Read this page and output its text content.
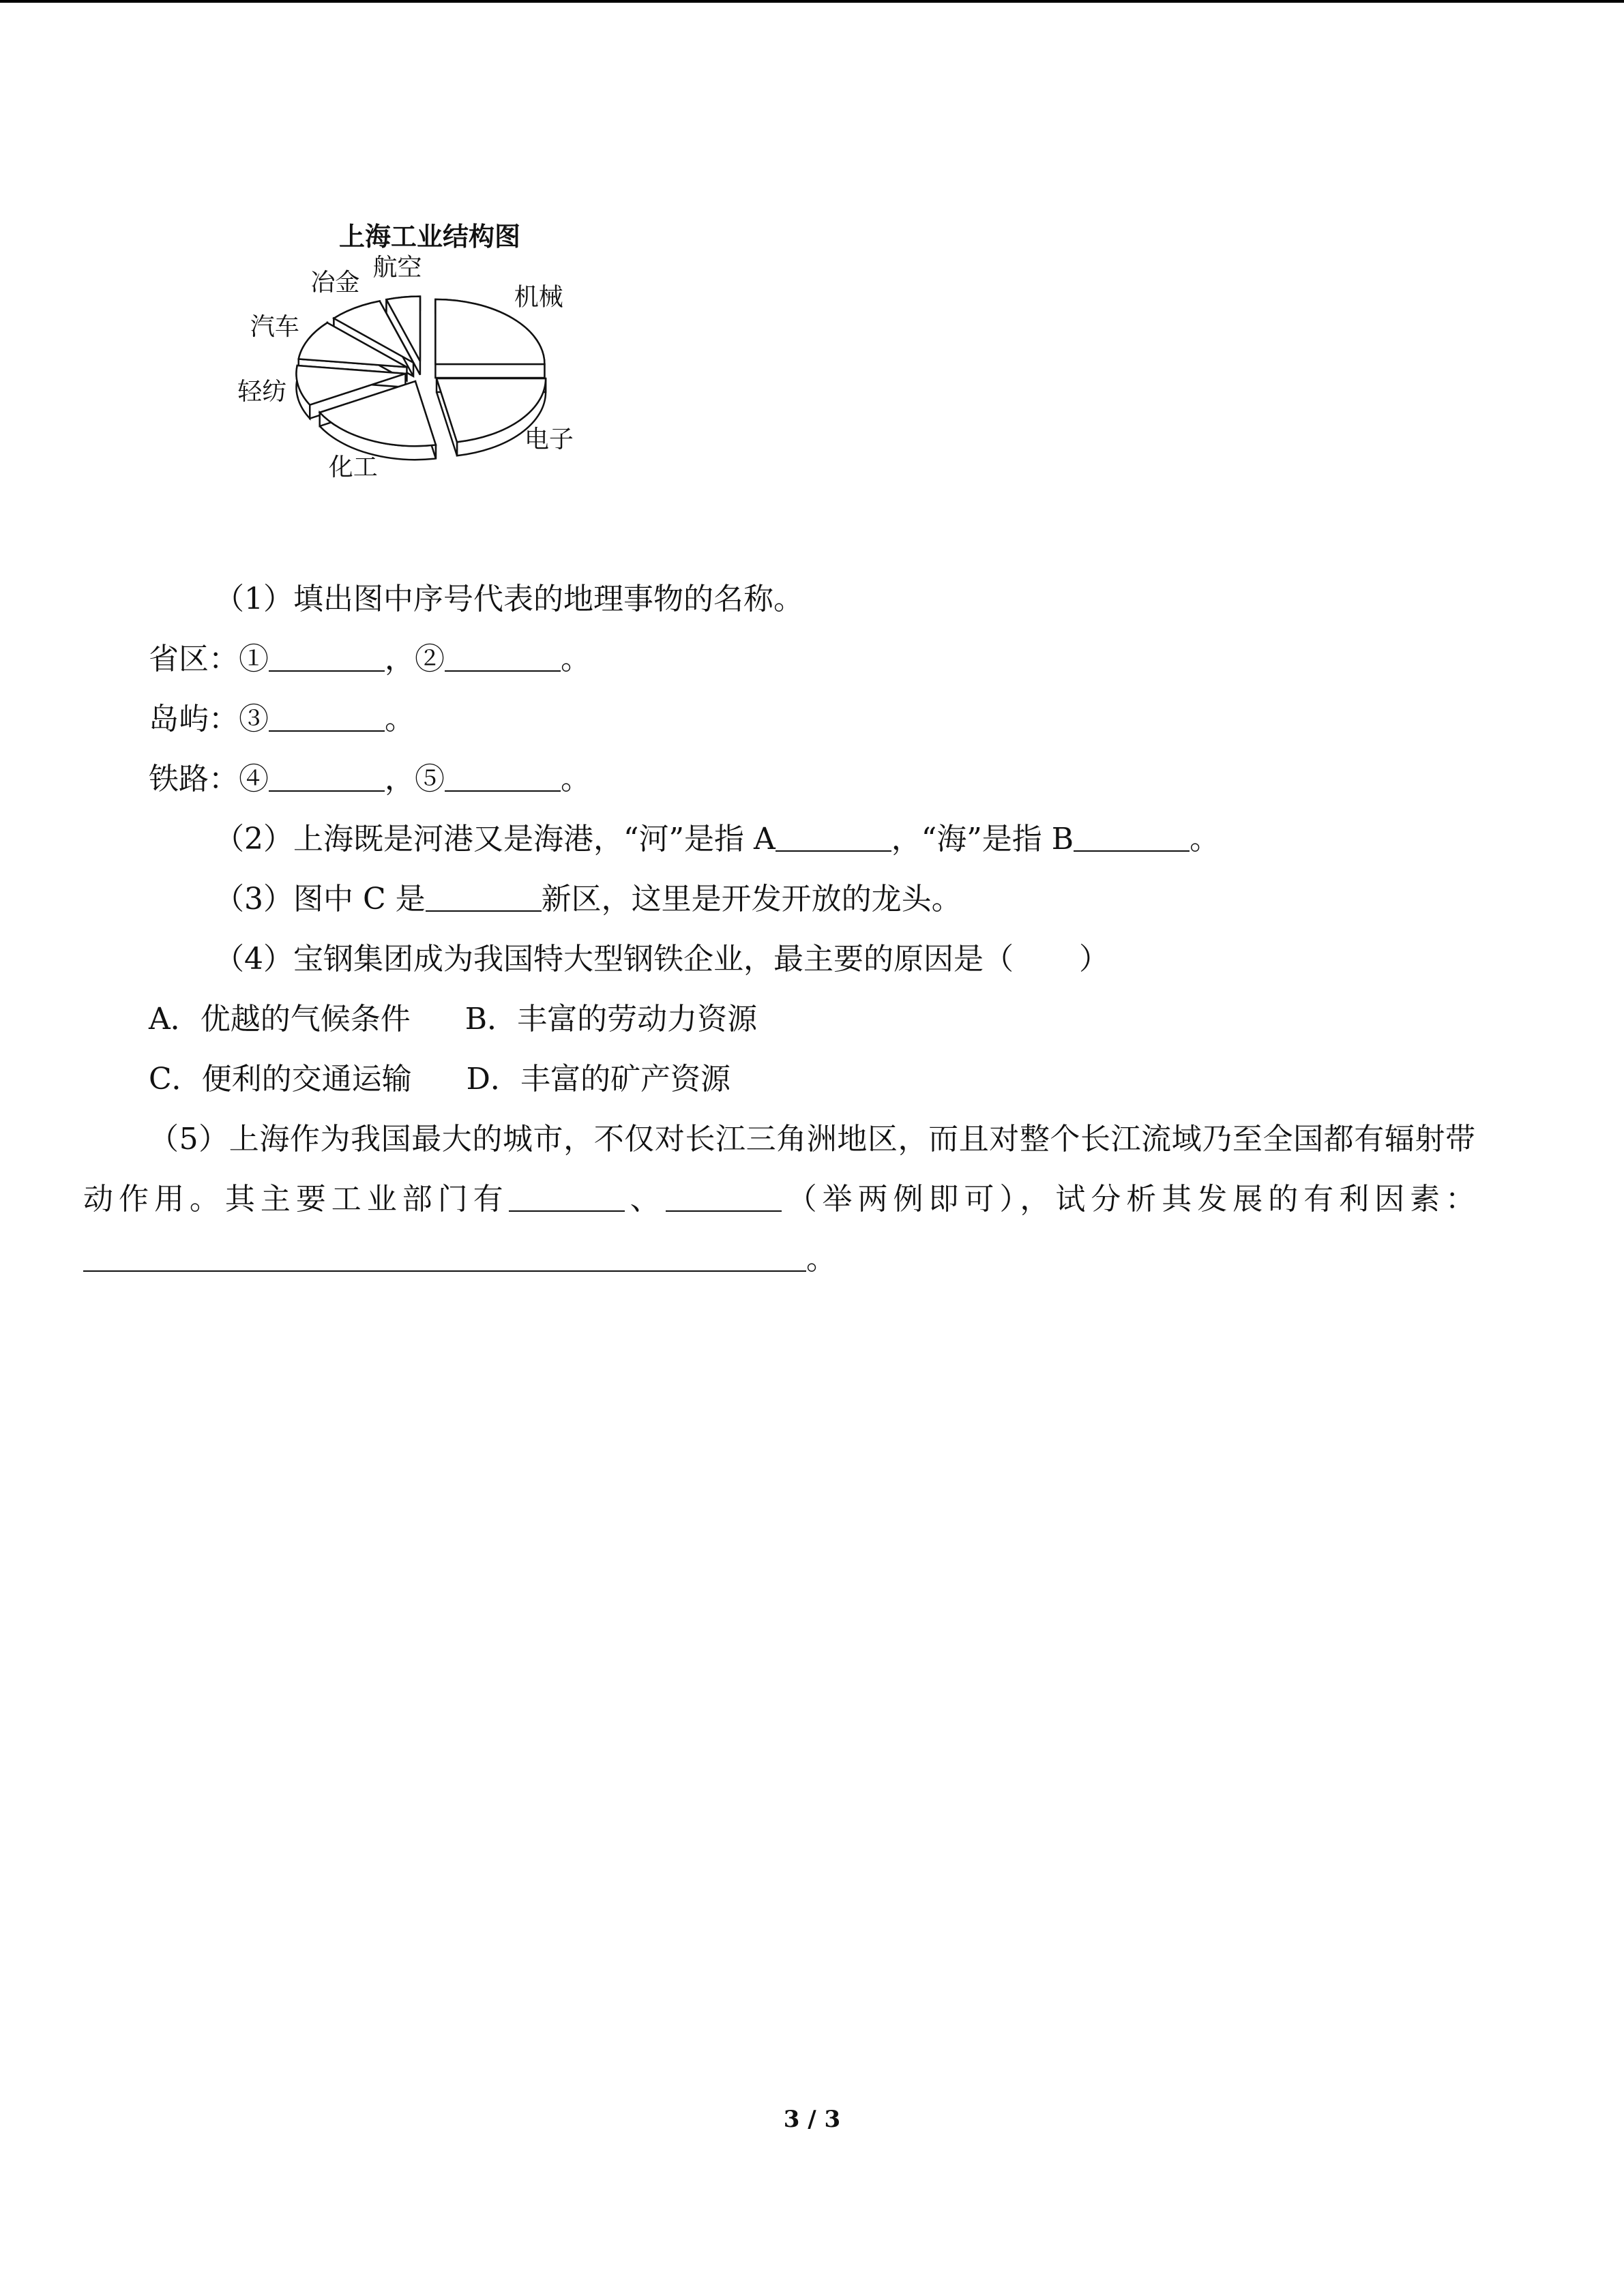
上海工业结构图
航空
冶金
机械
汽车
轻纺
电子
化工
（1）填出图中序号代表的地理事物的名称。
省区：①	，②	。
岛屿：③	。
铁路：④	，⑤	。
（2）上海既是河港又是海港，“河”是指 A	，“海”是指 B	。
（3）图中 C 是	新区，这里是开发开放的龙头。
（4）宝钢集团成为我国特大型钢铁企业，最主要的原因是（ ）
A．优越的气候条件 B．丰富的劳动力资源
C．便利的交通运输 D．丰富的矿产资源
（5）上海作为我国最大的城市，不仅对长江三角洲地区，而且对整个长江流域乃至全国都有辐射带动作用。其主要工业部门有	、	（举两例即可），试分析其发展的有利因素：。
3 / 3
